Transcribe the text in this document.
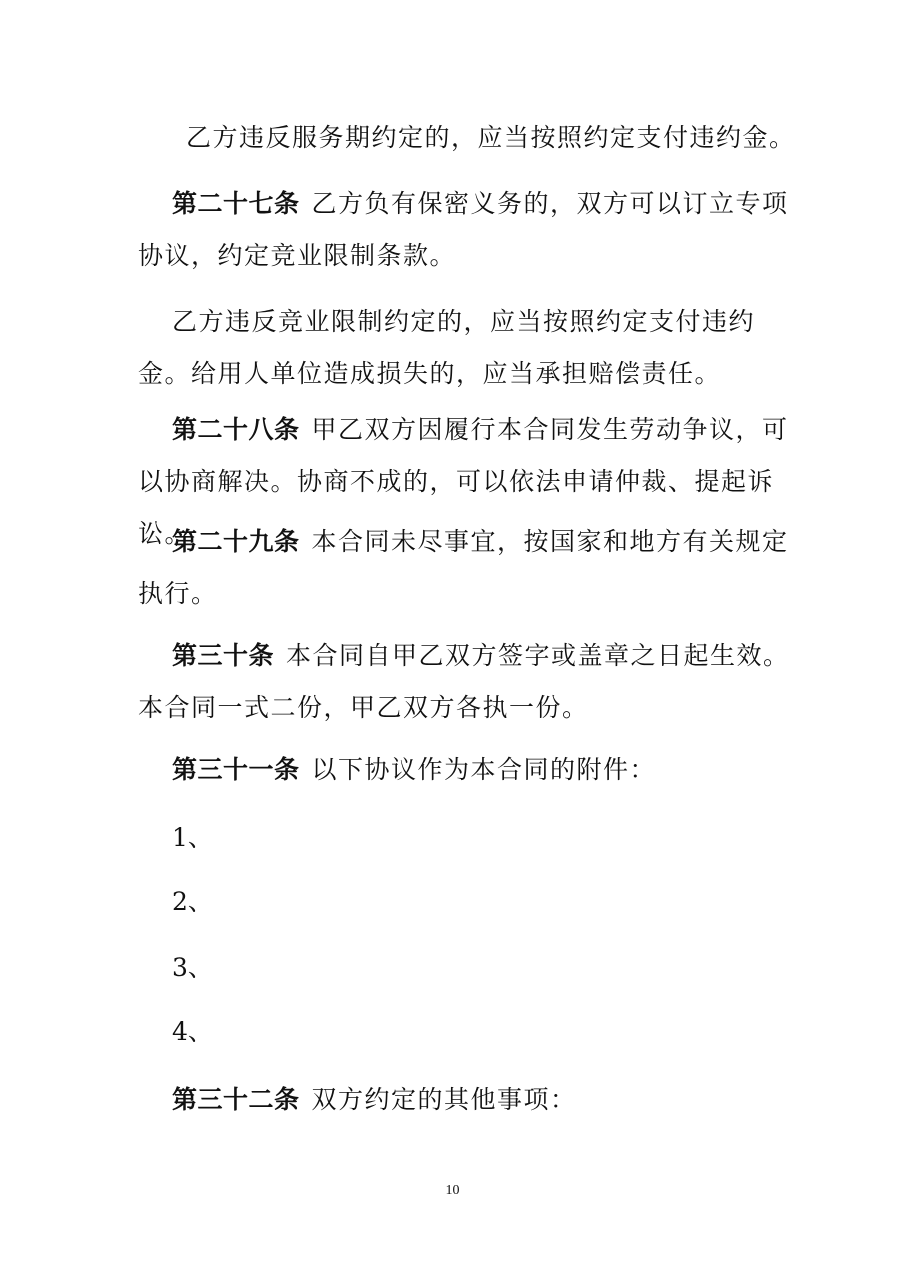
乙方违反服务期约定的，应当按照约定支付违约金。

第二十七条 乙方负有保密义务的，双方可以订立专项协议，约定竞业限制条款。

乙方违反竞业限制约定的，应当按照约定支付违约金。给用人单位造成损失的，应当承担赔偿责任。

第二十八条 甲乙双方因履行本合同发生劳动争议，可以协商解决。协商不成的，可以依法申请仲裁、提起诉讼。

第二十九条 本合同未尽事宜，按国家和地方有关规定执行。

第三十条 本合同自甲乙双方签字或盖章之日起生效。本合同一式二份，甲乙双方各执一份。

第三十一条 以下协议作为本合同的附件：

1、

2、

3、

4、

第三十二条 双方约定的其他事项：

10
